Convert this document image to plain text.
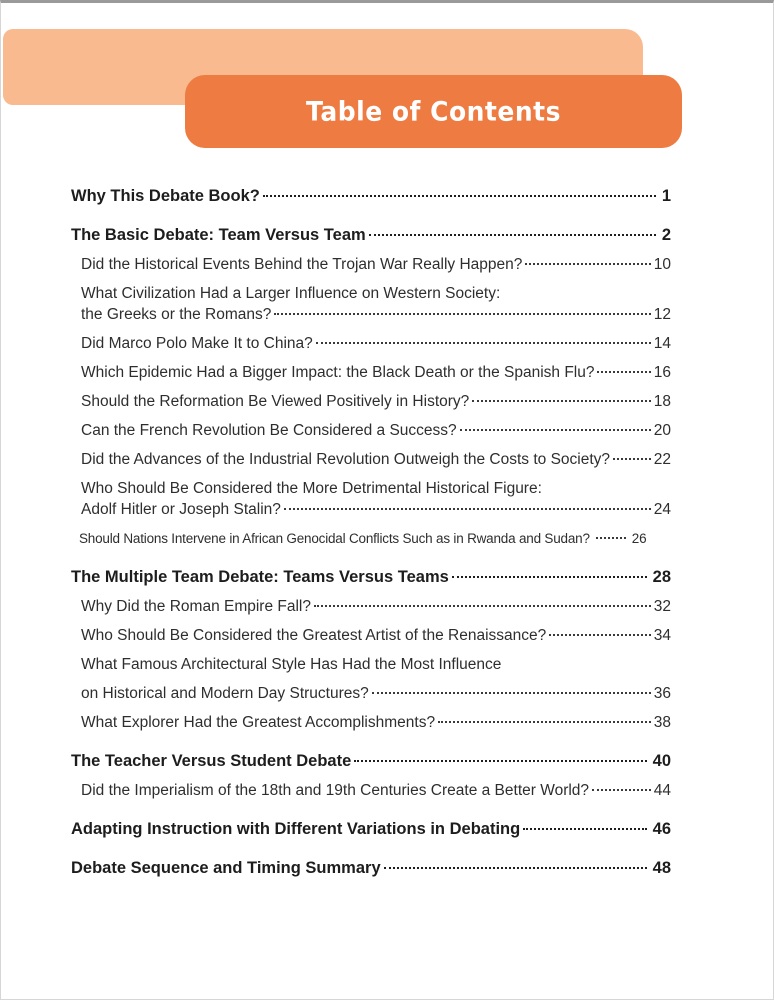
Table of Contents
Why This Debate Book?	1
The Basic Debate: Team Versus Team	2
Did the Historical Events Behind the Trojan War Really Happen?	10
What Civilization Had a Larger Influence on Western Society:
the Greeks or the Romans?	12
Did Marco Polo Make It to China?	14
Which Epidemic Had a Bigger Impact: the Black Death or the Spanish Flu?	16
Should the Reformation Be Viewed Positively in History?	18
Can the French Revolution Be Considered a Success?	20
Did the Advances of the Industrial Revolution Outweigh the Costs to Society?	22
Who Should Be Considered the More Detrimental Historical Figure:
Adolf Hitler or Joseph Stalin?	24
Should Nations Intervene in African Genocidal Conflicts Such as in Rwanda and Sudan?	26
The Multiple Team Debate: Teams Versus Teams	28
Why Did the Roman Empire Fall?	32
Who Should Be Considered the Greatest Artist of the Renaissance?	34
What Famous Architectural Style Has Had the Most Influence
on Historical and Modern Day Structures?	36
What Explorer Had the Greatest Accomplishments?	38
The Teacher Versus Student Debate	40
Did the Imperialism of the 18th and 19th Centuries Create a Better World?	44
Adapting Instruction with Different Variations in Debating	46
Debate Sequence and Timing Summary	48
